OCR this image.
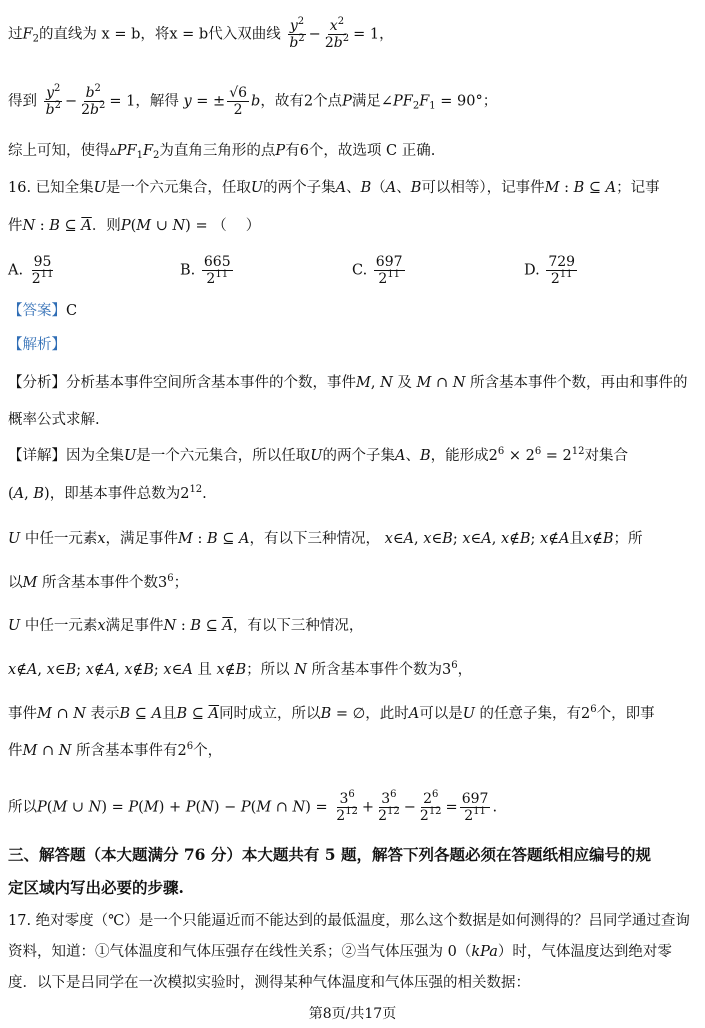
过$F_2$的直线为 x = b，将x = b代入双曲线 $\frac{y^2}{b^2} - \frac{x^2}{2b^2} = 1$，
得到 $\frac{y^2}{b^2} - \frac{b^2}{2b^2} = 1$，解得 y = ± $\frac{√6}{2}$ b，故有2个点P满足$\angle PF_2F_1 = 90^\circ$；
综上可知，使得$▵PF_1F_2$为直角三角形的点P有6个，故选项 C 正确.
16. 已知全集U是一个六元集合，任取U的两个子集A、B（A、B可以相等），记事件M : B ⊆ A；记事
件N : B ⊆ $\overline{A}$．则P(M ∪ N) = （　 ）
A. $\frac{95}{2^{11}}$	B. $\frac{665}{2^{11}}$	C. $\frac{697}{2^{11}}$	D. $\frac{729}{2^{11}}$
【答案】C
【解析】
【分析】分析基本事件空间所含基本事件的个数，事件M, N 及 M ∩ N 所含基本事件个数，再由和事件的
概率公式求解.
【详解】因为全集U是一个六元集合，所以任取U的两个子集A、B，能形成$2^6 \times 2^6 = 2^{12}$对集合
(A, B)，即基本事件总数为$2^{12}$.
U 中任一元素x，满足事件M : B ⊆ A，有以下三种情况， x∈A, x∈B; x∈A, x∉B; x∉A且x∉B；所
以M 所含基本事件个数$3^6$；
U 中任一元素x满足事件N : B ⊆ $\overline{A}$，有以下三种情况，
x∉A, x∈B; x∉A, x∉B; x∈A 且 x∉B；所以 N 所含基本事件个数为$3^6$，
事件M ∩ N 表示B ⊆ A且B ⊆ $\overline{A}$同时成立，所以B = ∅，此时A可以是U 的任意子集，有$2^6$个，即事
件M ∩ N 所含基本事件有$2^6$个，
所以P(M ∪ N) = P(M) + P(N) − P(M ∩ $N) = \frac{3^6}{2^{12}} + \frac{3^6}{2^{12}} - \frac{2^6}{2^{12}} = \frac{697}{2^{11}}$ .
三、解答题（本大题满分 76 分）本大题共有 5 题，解答下列各题必须在答题纸相应编号的规
定区域内写出必要的步骤.
17. 绝对零度（℃）是一个只能逼近而不能达到的最低温度，那么这个数据是如何测得的？吕同学通过查询
资料，知道：①气体温度和气体压强存在线性关系；②当气体压强为 0（kPa）时，气体温度达到绝对零
度．以下是吕同学在一次模拟实验时，测得某种气体温度和气体压强的相关数据：
第8页/共17页
